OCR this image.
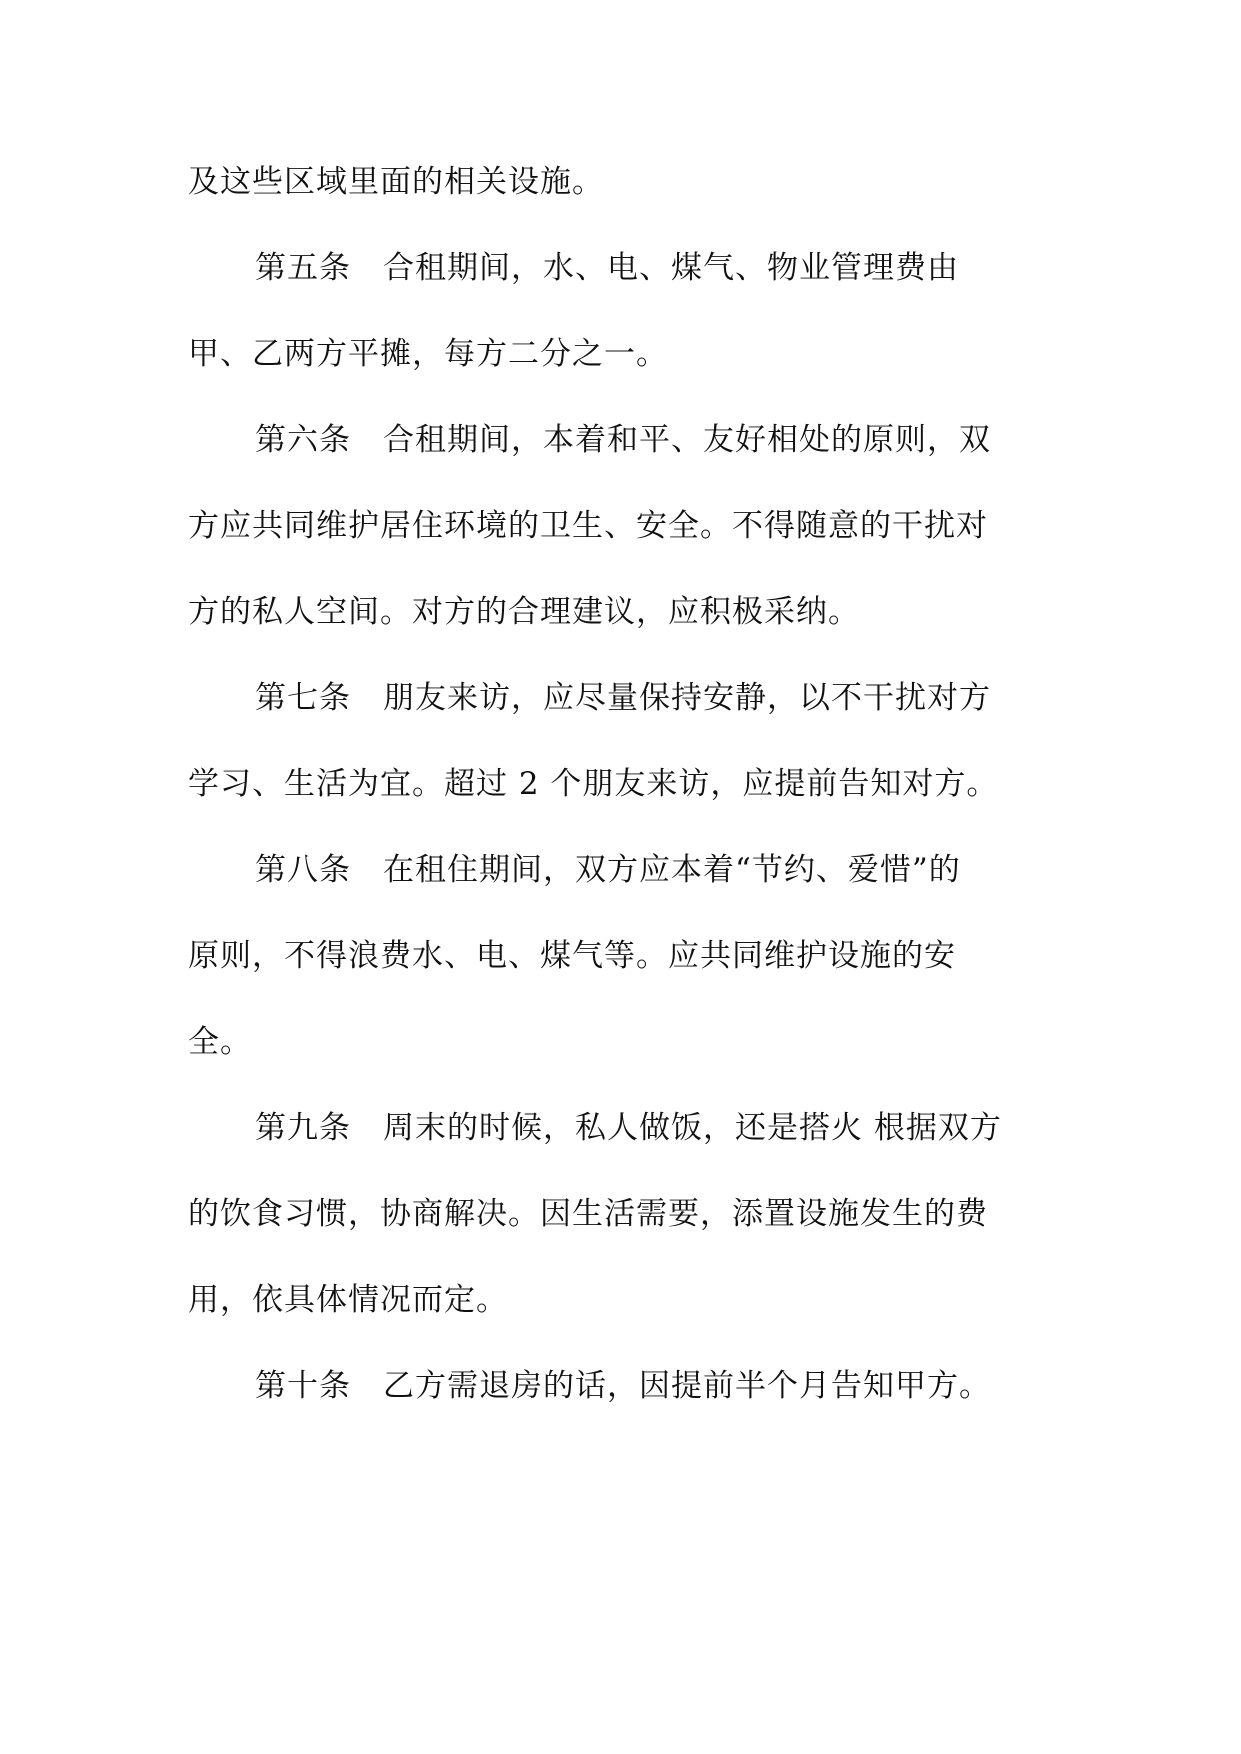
及这些区域里面的相关设施。
第五条　合租期间，水、电、煤气、物业管理费由
甲、乙两方平摊，每方二分之一。
第六条　合租期间，本着和平、友好相处的原则，双
方应共同维护居住环境的卫生、安全。不得随意的干扰对
方的私人空间。对方的合理建议，应积极采纳。
第七条　朋友来访，应尽量保持安静，以不干扰对方
学习、生活为宜。超过 2 个朋友来访，应提前告知对方。
第八条　在租住期间，双方应本着“节约、爱惜”的
原则，不得浪费水、电、煤气等。应共同维护设施的安
全。
第九条　周末的时候，私人做饭，还是搭火 根据双方
的饮食习惯，协商解决。因生活需要，添置设施发生的费
用，依具体情况而定。
第十条　乙方需退房的话，因提前半个月告知甲方。
